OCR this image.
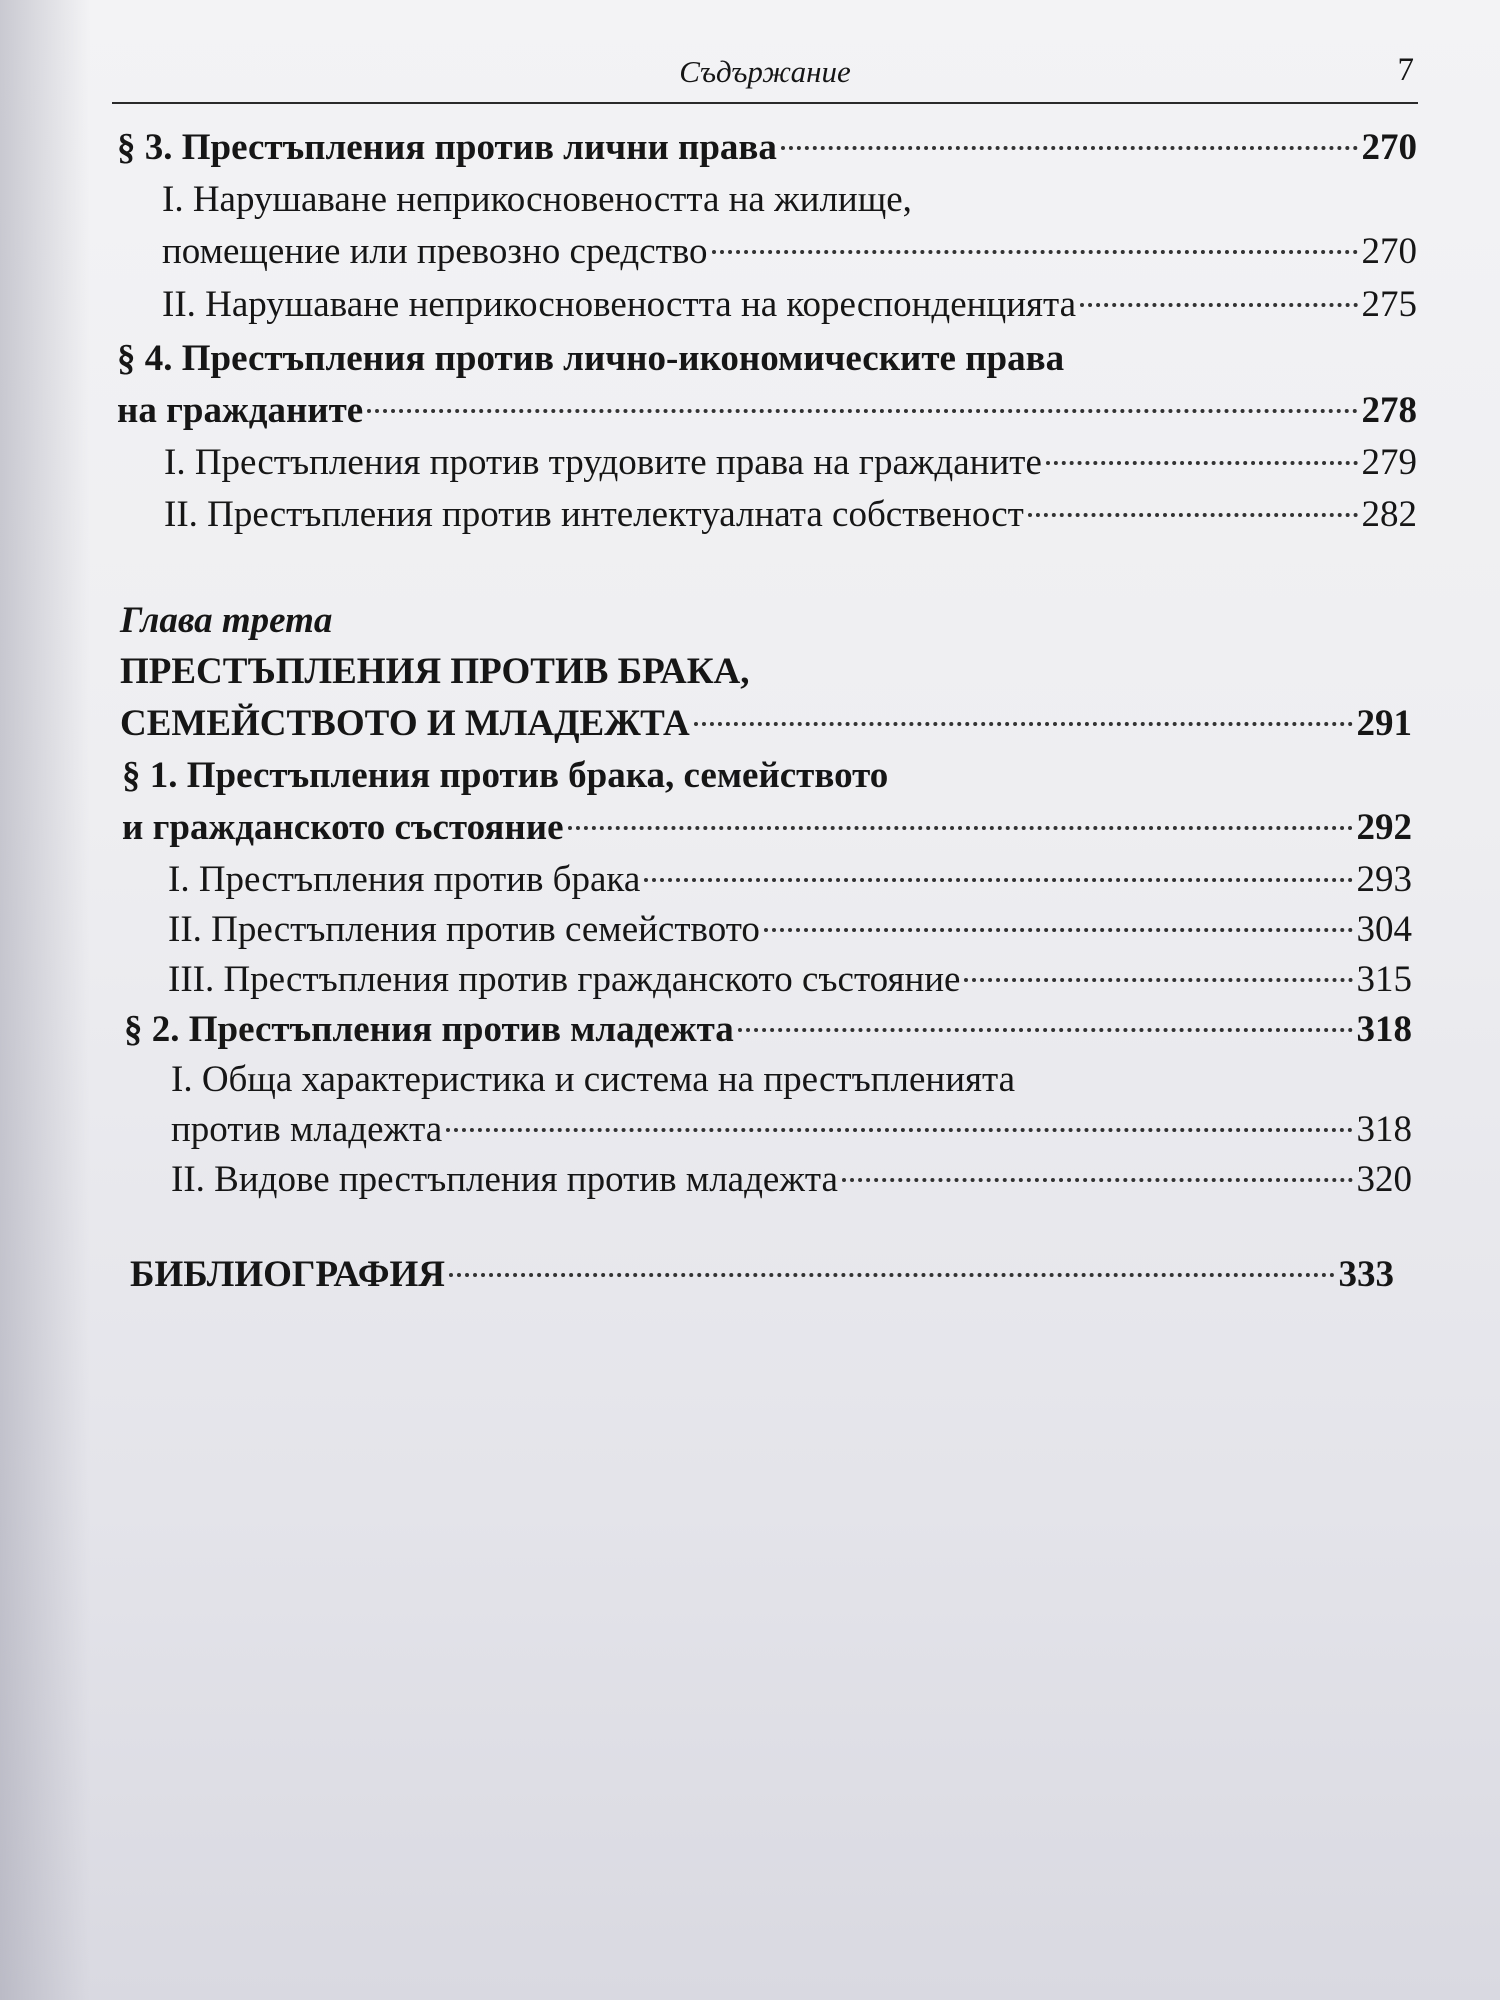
Съдържание	7
§ 3. Престъпления против лични права	270
I. Нарушаване неприкосновеността на жилище,
помещение или превозно средство	270
II. Нарушаване неприкосновеността на кореспонденцията	275
§ 4. Престъпления против лично-икономическите права
на гражданите	278
I. Престъпления против трудовите права на гражданите	279
II. Престъпления против интелектуалната собственост	282
Глава трета
ПРЕСТЪПЛЕНИЯ ПРОТИВ БРАКА,
СЕМЕЙСТВОТО И МЛАДЕЖТА	291
§ 1. Престъпления против брака, семейството
и гражданското състояние	292
I. Престъпления против брака	293
II. Престъпления против семейството	304
III. Престъпления против гражданското състояние	315
§ 2. Престъпления против младежта	318
I. Обща характеристика и система на престъпленията
против младежта	318
II. Видове престъпления против младежта	320
БИБЛИОГРАФИЯ	333
